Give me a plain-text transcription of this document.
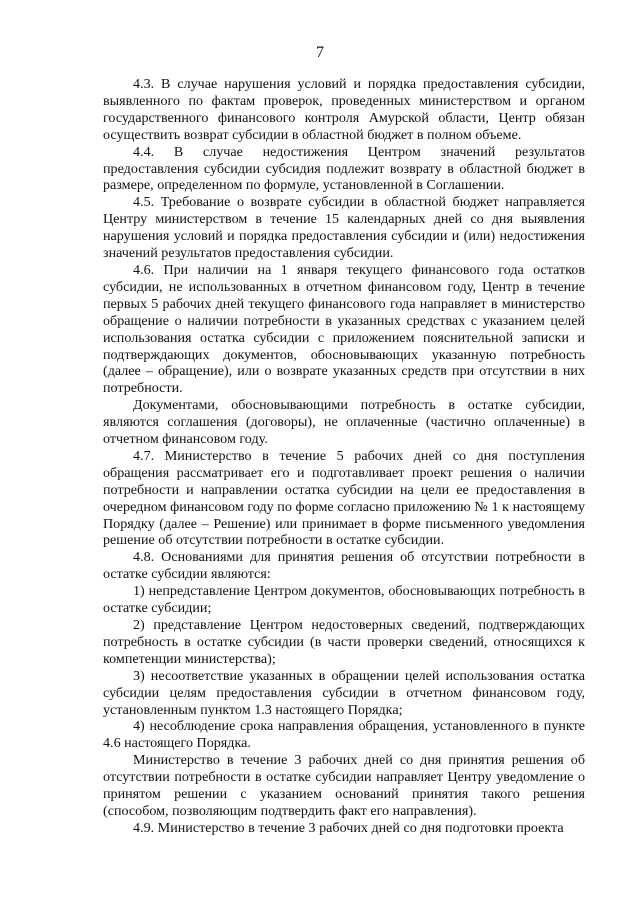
7

4.3. В случае нарушения условий и порядка предоставления субсидии, выявленного по фактам проверок, проведенных министерством и органом государственного финансового контроля Амурской области, Центр обязан осуществить возврат субсидии в областной бюджет в полном объеме.

4.4. В случае недостижения Центром значений результатов предоставления субсидии субсидия подлежит возврату в областной бюджет в размере, определенном по формуле, установленной в Соглашении.

4.5. Требование о возврате субсидии в областной бюджет направляется Центру министерством в течение 15 календарных дней со дня выявления нарушения условий и порядка предоставления субсидии и (или) недостижения значений результатов предоставления субсидии.

4.6. При наличии на 1 января текущего финансового года остатков субсидии, не использованных в отчетном финансовом году, Центр в течение первых 5 рабочих дней текущего финансового года направляет в министерство обращение о наличии потребности в указанных средствах с указанием целей использования остатка субсидии с приложением пояснительной записки и подтверждающих документов, обосновывающих указанную потребность (далее – обращение), или о возврате указанных средств при отсутствии в них потребности.

Документами, обосновывающими потребность в остатке субсидии, являются соглашения (договоры), не оплаченные (частично оплаченные) в отчетном финансовом году.

4.7. Министерство в течение 5 рабочих дней со дня поступления обращения рассматривает его и подготавливает проект решения о наличии потребности и направлении остатка субсидии на цели ее предоставления в очередном финансовом году по форме согласно приложению № 1 к настоящему Порядку (далее – Решение) или принимает в форме письменного уведомления решение об отсутствии потребности в остатке субсидии.

4.8. Основаниями для принятия решения об отсутствии потребности в остатке субсидии являются:

1) непредставление Центром документов, обосновывающих потребность в остатке субсидии;

2) представление Центром недостоверных сведений, подтверждающих потребность в остатке субсидии (в части проверки сведений, относящихся к компетенции министерства);

3) несоответствие указанных в обращении целей использования остатка субсидии целям предоставления субсидии в отчетном финансовом году, установленным пунктом 1.3 настоящего Порядка;

4) несоблюдение срока направления обращения, установленного в пункте 4.6 настоящего Порядка.

Министерство в течение 3 рабочих дней со дня принятия решения об отсутствии потребности в остатке субсидии направляет Центру уведомление о принятом решении с указанием оснований принятия такого решения (способом, позволяющим подтвердить факт его направления).

4.9. Министерство в течение 3 рабочих дней со дня подготовки проекта
